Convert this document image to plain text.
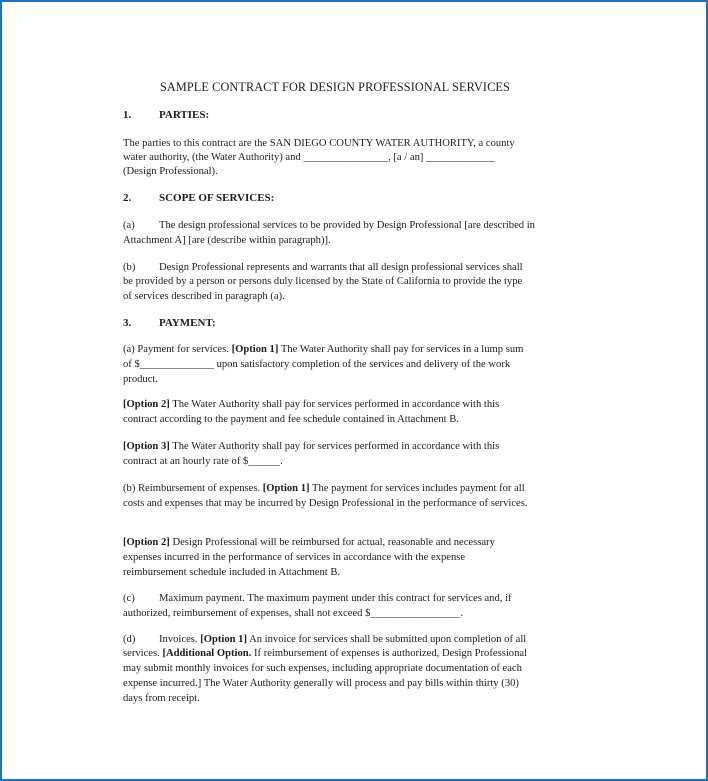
SAMPLE CONTRACT FOR DESIGN PROFESSIONAL SERVICES
1.	PARTIES:
The parties to this contract are the SAN DIEGO COUNTY WATER AUTHORITY, a county
water authority, (the Water Authority) and ________________, [a / an] _____________
(Design Professional).
2.	SCOPE OF SERVICES:
(a) The design professional services to be provided by Design Professional [are described in
Attachment A] [are (describe within paragraph)].
(b) Design Professional represents and warrants that all design professional services shall
be provided by a person or persons duly licensed by the State of California to provide the type
of services described in paragraph (a).
3.	PAYMENT:
(a) Payment for services. [Option 1] The Water Authority shall pay for services in a lump sum
of $______________ upon satisfactory completion of the services and delivery of the work
product.
[Option 2] The Water Authority shall pay for services performed in accordance with this
contract according to the payment and fee schedule contained in Attachment B.
[Option 3] The Water Authority shall pay for services performed in accordance with this
contract at an hourly rate of $______.
(b) Reimbursement of expenses. [Option 1] The payment for services includes payment for all
costs and expenses that may be incurred by Design Professional in the performance of services.
[Option 2] Design Professional will be reimbursed for actual, reasonable and necessary
expenses incurred in the performance of services in accordance with the expense
reimbursement schedule included in Attachment B.
(c) Maximum payment. The maximum payment under this contract for services and, if
authorized, reimbursement of expenses, shall not exceed $_________________.
(d) Invoices. [Option 1] An invoice for services shall be submitted upon completion of all
services. [Additional Option. If reimbursement of expenses is authorized, Design Professional
may submit monthly invoices for such expenses, including appropriate documentation of each
expense incurred.] The Water Authority generally will process and pay bills within thirty (30)
days from receipt.
